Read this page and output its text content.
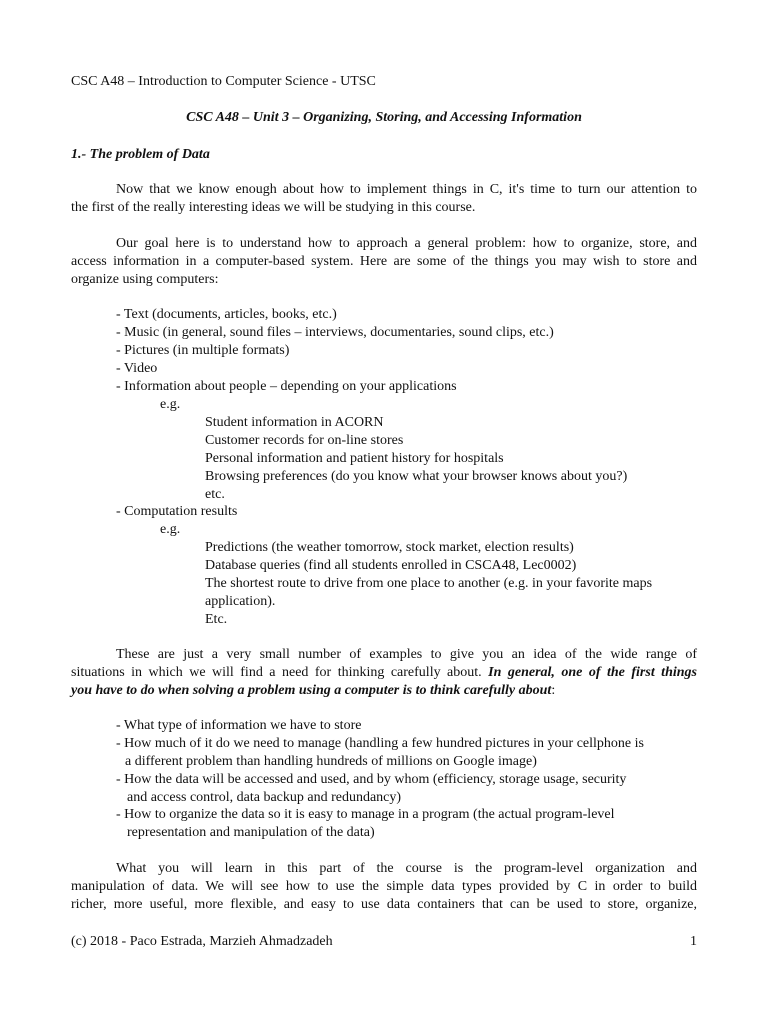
CSC A48 – Introduction to Computer Science - UTSC
CSC A48 – Unit 3 – Organizing, Storing, and Accessing Information
1.- The problem of Data
Now that we know enough about how to implement things in C, it's time to turn our attention to
the first of the really interesting ideas we will be studying in this course.
Our goal here is to understand how to approach a general problem: how to organize, store, and
access information in a computer-based system. Here are some of the things you may wish to store and
organize using computers:
- Text (documents, articles, books, etc.)
- Music (in general, sound files – interviews, documentaries, sound clips, etc.)
- Pictures (in multiple formats)
- Video
- Information about people – depending on your applications
e.g.
Student information in ACORN
Customer records for on-line stores
Personal information and patient history for hospitals
Browsing preferences (do you know what your browser knows about you?)
etc.
- Computation results
e.g.
Predictions (the weather tomorrow, stock market, election results)
Database queries (find all students enrolled in CSCA48, Lec0002)
The shortest route to drive from one place to another (e.g. in your favorite maps
application).
Etc.
These are just a very small number of examples to give you an idea of the wide range of
situations in which we will find a need for thinking carefully about. In general, one of the first things
you have to do when solving a problem using a computer is to think carefully about:
- What type of information we have to store
- How much of it do we need to manage (handling a few hundred pictures in your cellphone is
a different problem than handling hundreds of millions on Google image)
- How the data will be accessed and used, and by whom (efficiency, storage usage, security
and access control, data backup and redundancy)
- How to organize the data so it is easy to manage in a program (the actual program-level
representation and manipulation of the data)
What you will learn in this part of the course is the program-level organization and
manipulation of data. We will see how to use the simple data types provided by C in order to build
richer, more useful, more flexible, and easy to use data containers that can be used to store, organize,
(c) 2018 - Paco Estrada, Marzieh Ahmadzadeh	1
